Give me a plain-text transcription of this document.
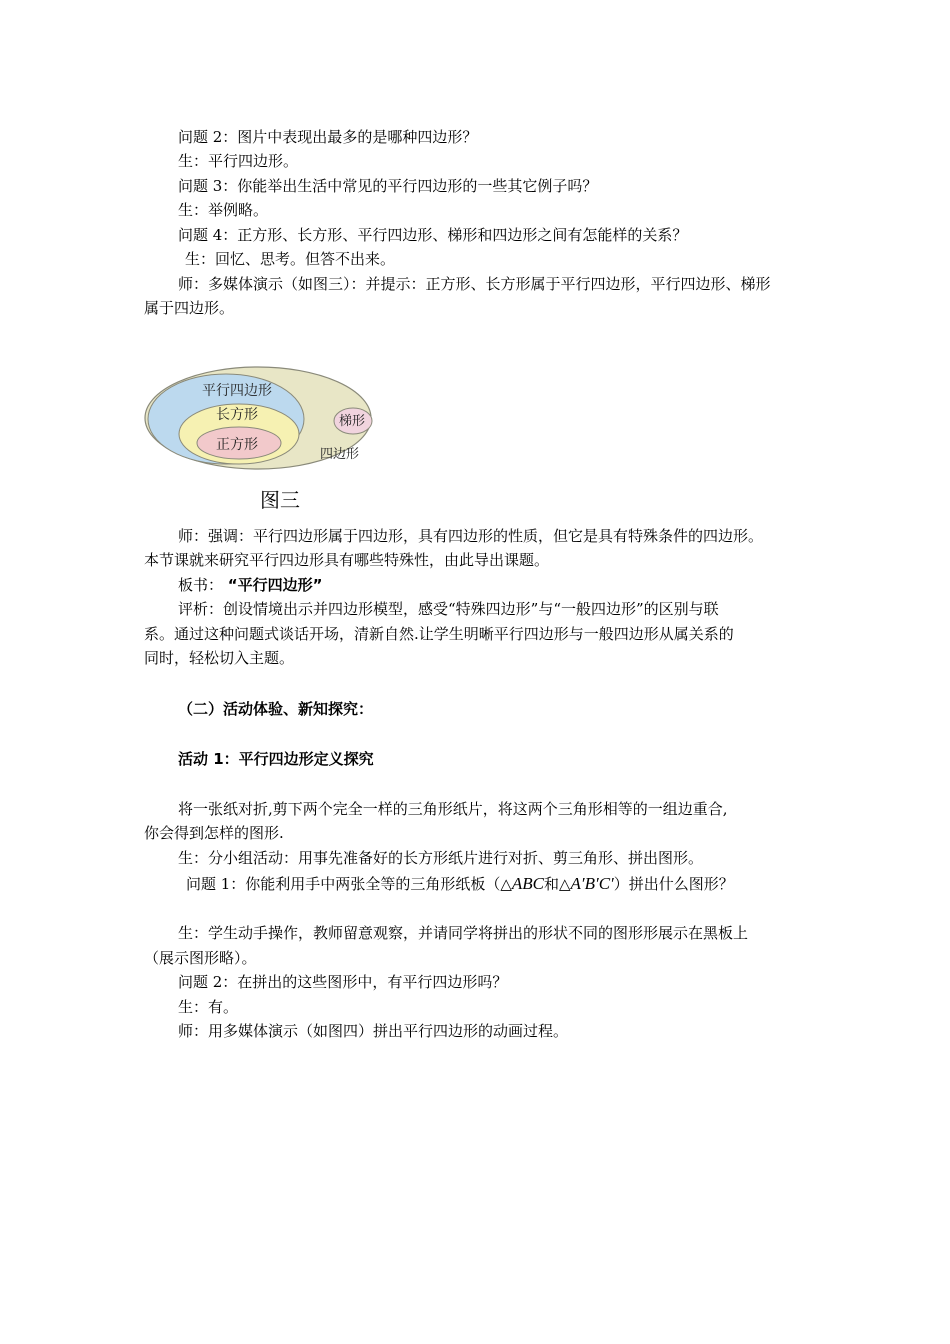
问题 2：图片中表现出最多的是哪种四边形？
生：平行四边形。
问题 3：你能举出生活中常见的平行四边形的一些其它例子吗？
生：举例略。
问题 4：正方形、长方形、平行四边形、梯形和四边形之间有怎能样的关系？
生：回忆、思考。但答不出来。
师：多媒体演示（如图三）：并提示：正方形、长方形属于平行四边形，平行四边形、梯形
属于四边形。
平行四边形
长方形
正方形
梯形
四边形
图三
师：强调：平行四边形属于四边形，具有四边形的性质，但它是具有特殊条件的四边形。
本节课就来研究平行四边形具有哪些特殊性，由此导出课题。
板书： “平行四边形”
评析：创设情境出示并四边形模型，感受“特殊四边形”与“一般四边形”的区别与联
系。通过这种问题式谈话开场，清新自然.让学生明晰平行四边形与一般四边形从属关系的
同时，轻松切入主题。
（二）活动体验、新知探究：
活动 1：平行四边形定义探究
将一张纸对折,剪下两个完全一样的三角形纸片，将这两个三角形相等的一组边重合,
你会得到怎样的图形.
生：分小组活动：用事先准备好的长方形纸片进行对折、剪三角形、拼出图形。
问题 1：你能利用手中两张全等的三角形纸板（△ABC和△A′B′C′）拼出什么图形？
生：学生动手操作，教师留意观察，并请同学将拼出的形状不同的图形形展示在黑板上
（展示图形略）。
问题 2：在拼出的这些图形中，有平行四边形吗？
生：有。
师：用多媒体演示（如图四）拼出平行四边形的动画过程。
